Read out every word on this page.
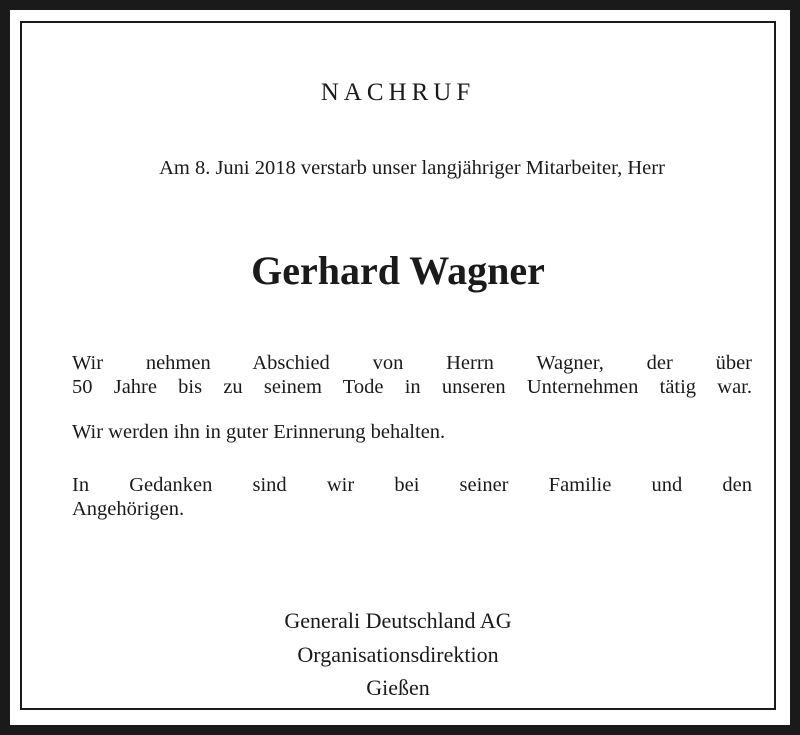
NACHRUF
Am 8. Juni 2018 verstarb unser langjähriger Mitarbeiter, Herr
Gerhard Wagner
Wir nehmen Abschied von Herrn Wagner, der über
50 Jahre bis zu seinem Tode in unseren Unternehmen tätig war.
Wir werden ihn in guter Erinnerung behalten.
In Gedanken sind wir bei seiner Familie und den
Angehörigen.
Generali Deutschland AG
Organisationsdirektion
Gießen
